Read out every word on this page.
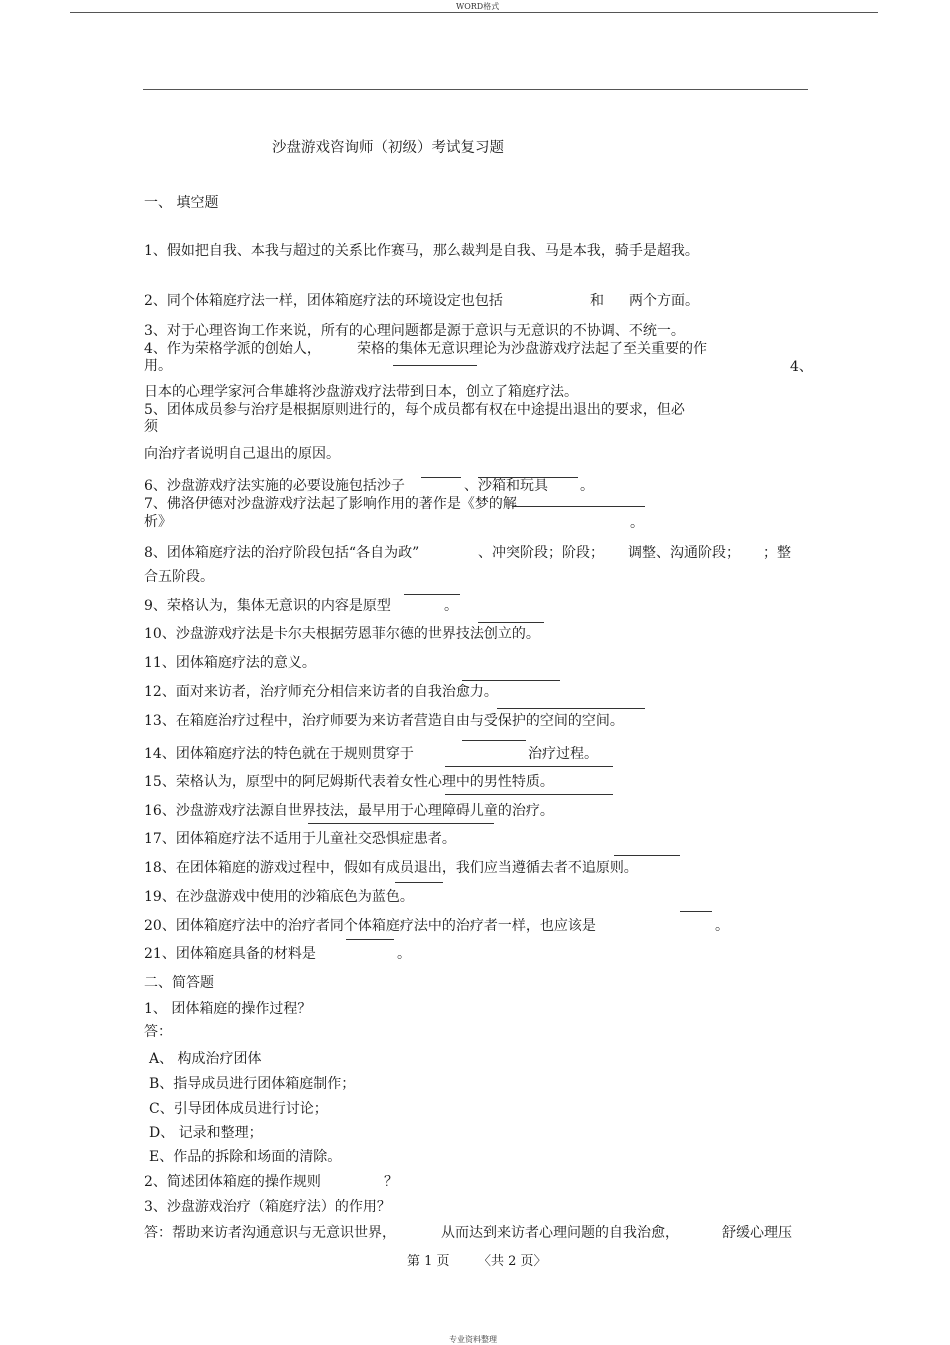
WORD格式
沙盘游戏咨询师（初级）考试复习题
一、 填空题
1、假如把自我、本我与超过的关系比作赛马，那么裁判是自我、马是本我，骑手是超我。
2、同个体箱庭疗法一样，团体箱庭疗法的环境设定也包括	和 两个方面。
3、对于心理咨询工作来说，所有的心理问题都是源于意识与无意识的不协调、不统一。
4、作为荣格学派的创始人，	荣格的集体无意识理论为沙盘游戏疗法起了至关重要的作
用。	4、
日本的心理学家河合隼雄将沙盘游戏疗法带到日本，创立了箱庭疗法。
5、团体成员参与治疗是根据原则进行的，每个成员都有权在中途提出退出的要求，但必
须
向治疗者说明自己退出的原因。
6、沙盘游戏疗法实施的必要设施包括沙子	、沙箱和玩具 。
7、佛洛伊德对沙盘游戏疗法起了影响作用的著作是《梦的解
析》	。
8、团体箱庭疗法的治疗阶段包括“各自为政”	、冲突阶段；阶段； 调整、沟通阶段； ；整
合五阶段。
9、荣格认为，集体无意识的内容是原型	。
10、沙盘游戏疗法是卡尔夫根据劳恩菲尔德的世界技法创立的。
11、团体箱庭疗法的意义。
12、面对来访者，治疗师充分相信来访者的自我治愈力。
13、在箱庭治疗过程中，治疗师要为来访者营造自由与受保护的空间的空间。
14、团体箱庭疗法的特色就在于规则贯穿于	治疗过程。
15、荣格认为，原型中的阿尼姆斯代表着女性心理中的男性特质。
16、沙盘游戏疗法源自世界技法，最早用于心理障碍儿童的治疗。
17、团体箱庭疗法不适用于儿童社交恐惧症患者。
18、在团体箱庭的游戏过程中，假如有成员退出，我们应当遵循去者不追原则。
19、在沙盘游戏中使用的沙箱底色为蓝色。
20、团体箱庭疗法中的治疗者同个体箱庭疗法中的治疗者一样，也应该是	。
21、团体箱庭具备的材料是	。
二、简答题
1、 团体箱庭的操作过程？
答：
A、 构成治疗团体
B、指导成员进行团体箱庭制作；
C、引导团体成员进行讨论；
D、 记录和整理；
E、作品的拆除和场面的清除。
2、简述团体箱庭的操作规则	？
3、沙盘游戏治疗（箱庭疗法）的作用？
答：帮助来访者沟通意识与无意识世界，	从而达到来访者心理问题的自我治愈，	舒缓心理压
第 1 页 〈共 2 页〉
专业资料整理
